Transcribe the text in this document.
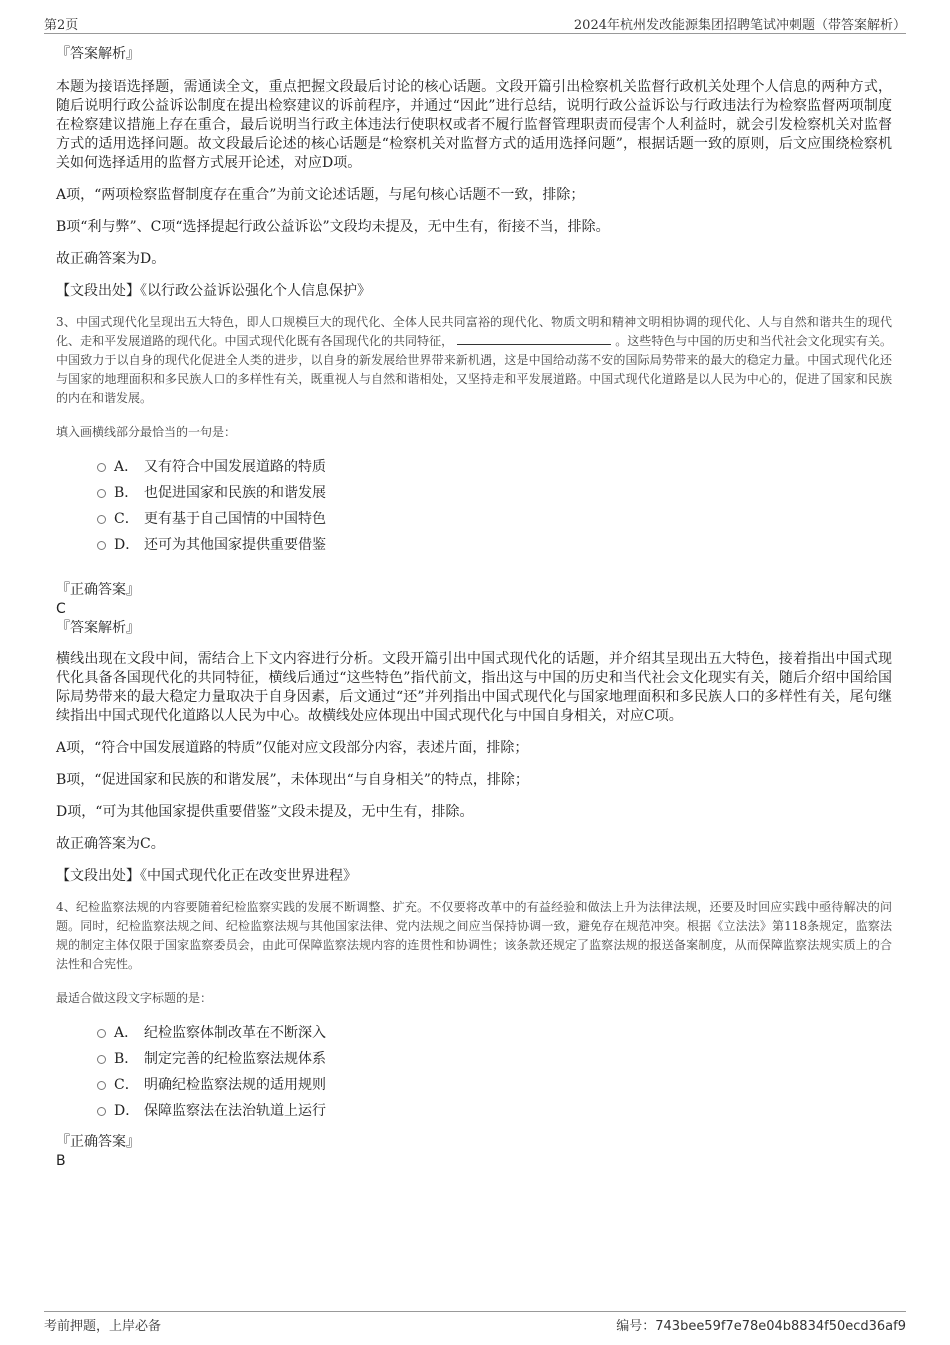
第2页	2024年杭州发改能源集团招聘笔试冲刺题（带答案解析）
『答案解析』
本题为接语选择题，需通读全文，重点把握文段最后讨论的核心话题。文段开篇引出检察机关监督行政机关处理个人信息的两种方式，随后说明行政公益诉讼制度在提出检察建议的诉前程序，并通过“因此”进行总结，说明行政公益诉讼与行政违法行为检察监督两项制度在检察建议措施上存在重合，最后说明当行政主体违法行使职权或者不履行监督管理职责而侵害个人利益时，就会引发检察机关对监督方式的适用选择问题。故文段最后论述的核心话题是“检察机关对监督方式的适用选择问题”，根据话题一致的原则，后文应围绕检察机关如何选择适用的监督方式展开论述，对应D项。
A项，“两项检察监督制度存在重合”为前文论述话题，与尾句核心话题不一致，排除；
B项“利与弊”、C项“选择提起行政公益诉讼”文段均未提及，无中生有，衔接不当，排除。
故正确答案为D。
【文段出处】《以行政公益诉讼强化个人信息保护》
3、中国式现代化呈现出五大特色，即人口规模巨大的现代化、全体人民共同富裕的现代化、物质文明和精神文明相协调的现代化、人与自然和谐共生的现代化、走和平发展道路的现代化。中国式现代化既有各国现代化的共同特征，	。这些特色与中国的历史和当代社会文化现实有关。中国致力于以自身的现代化促进全人类的进步，以自身的新发展给世界带来新机遇，这是中国给动荡不安的国际局势带来的最大的稳定力量。中国式现代化还与国家的地理面积和多民族人口的多样性有关，既重视人与自然和谐相处，又坚持走和平发展道路。中国式现代化道路是以人民为中心的，促进了国家和民族的内在和谐发展。
填入画横线部分最恰当的一句是：
A． 又有符合中国发展道路的特质
B． 也促进国家和民族的和谐发展
C． 更有基于自己国情的中国特色
D． 还可为其他国家提供重要借鉴
『正确答案』
C
『答案解析』
横线出现在文段中间，需结合上下文内容进行分析。文段开篇引出中国式现代化的话题，并介绍其呈现出五大特色，接着指出中国式现代化具备各国现代化的共同特征，横线后通过“这些特色”指代前文，指出这与中国的历史和当代社会文化现实有关，随后介绍中国给国际局势带来的最大稳定力量取决于自身因素，后文通过“还”并列指出中国式现代化与国家地理面积和多民族人口的多样性有关，尾句继续指出中国式现代化道路以人民为中心。故横线处应体现出中国式现代化与中国自身相关，对应C项。
A项，“符合中国发展道路的特质”仅能对应文段部分内容，表述片面，排除；
B项，“促进国家和民族的和谐发展”，未体现出“与自身相关”的特点，排除；
D项，“可为其他国家提供重要借鉴”文段未提及，无中生有，排除。
故正确答案为C。
【文段出处】《中国式现代化正在改变世界进程》
4、纪检监察法规的内容要随着纪检监察实践的发展不断调整、扩充。不仅要将改革中的有益经验和做法上升为法律法规，还要及时回应实践中亟待解决的问题。同时，纪检监察法规之间、纪检监察法规与其他国家法律、党内法规之间应当保持协调一致，避免存在规范冲突。根据《立法法》第118条规定，监察法规的制定主体仅限于国家监察委员会，由此可保障监察法规内容的连贯性和协调性；该条款还规定了监察法规的报送备案制度，从而保障监察法规实质上的合法性和合宪性。
最适合做这段文字标题的是：
A． 纪检监察体制改革在不断深入
B． 制定完善的纪检监察法规体系
C． 明确纪检监察法规的适用规则
D． 保障监察法在法治轨道上运行
『正确答案』
B
考前押题，上岸必备	编号：743bee59f7e78e04b8834f50ecd36af9
